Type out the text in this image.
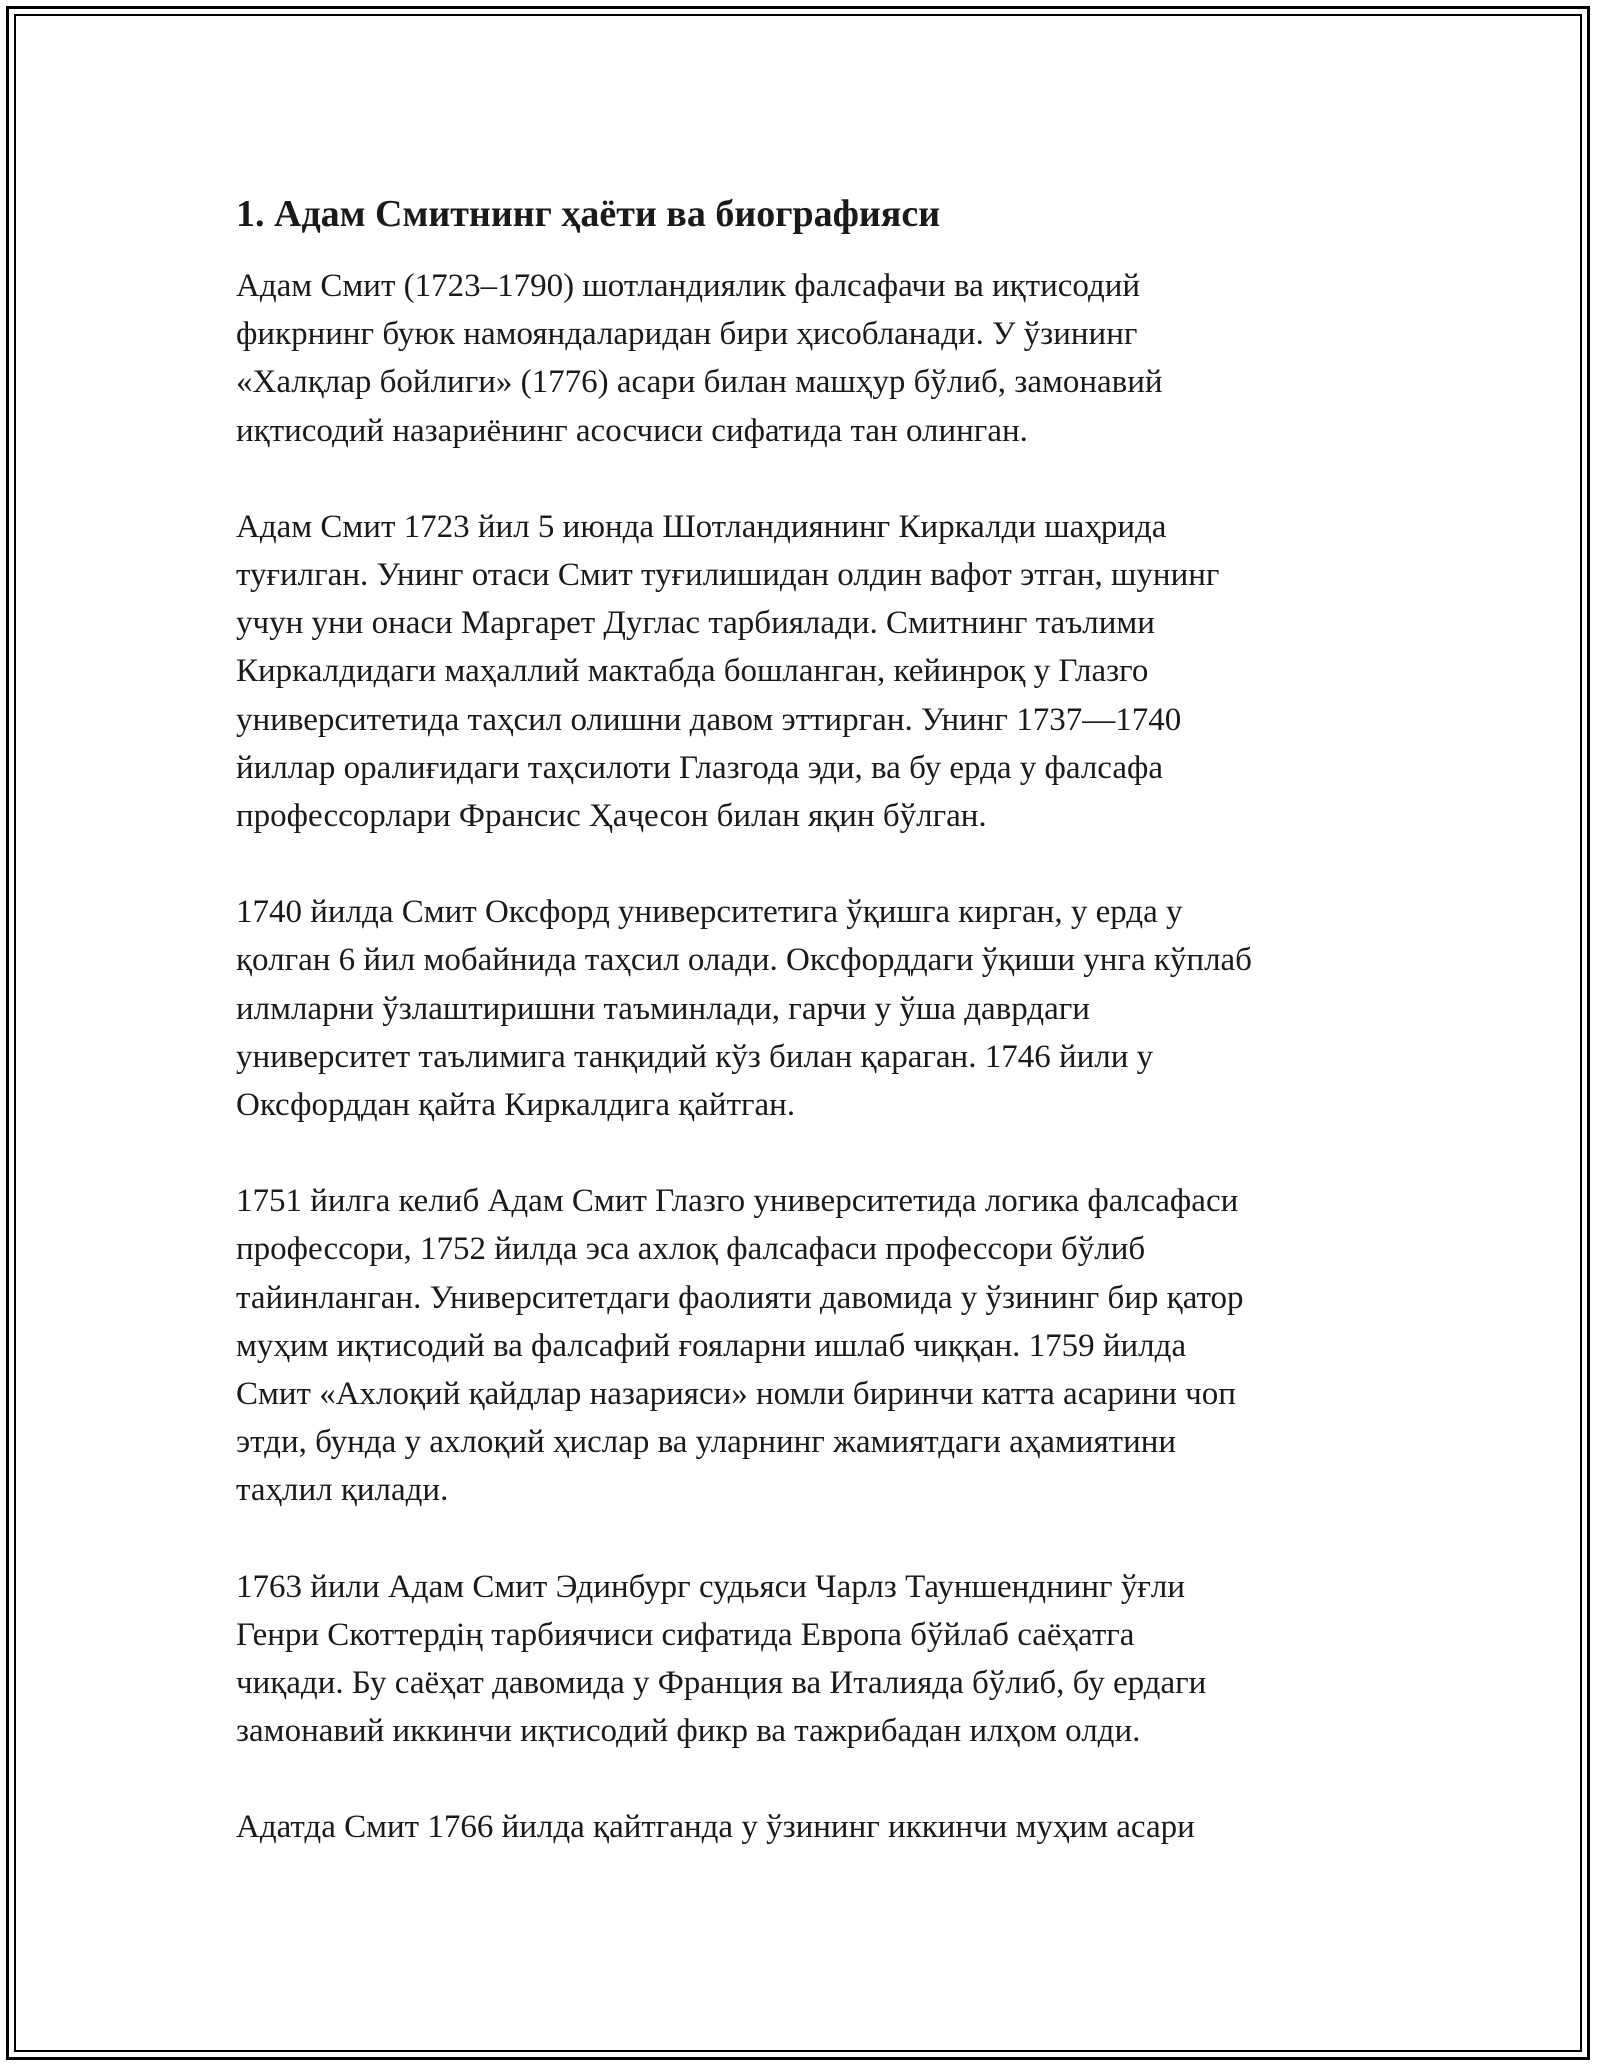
1. Адам Смитнинг ҳаёти ва биографияси

Адам Смит (1723–1790) шотландиялик фалсафачи ва иқтисодий
фикрнинг буюк намояндаларидан бири ҳисобланади. У ўзининг
«Халқлар бойлиги» (1776) асари билан машҳур бўлиб, замонавий
иқтисодий назариёнинг асосчиси сифатида тан олинган.

Адам Смит 1723 йил 5 июнда Шотландиянинг Киркалди шаҳрида
туғилган. Унинг отаси Смит туғилишидан олдин вафот этган, шунинг
учун уни онаси Маргарет Дуглас тарбиялади. Смитнинг таълими
Киркалдидаги маҳаллий мактабда бошланган, кейинроқ у Глазго
университетида таҳсил олишни давом эттирган. Унинг 1737—1740
йиллар оралиғидаги таҳсилоти Глазгода эди, ва бу ерда у фалсафа
профессорлари Франсис Ҳаҷесон билан яқин бўлган.

1740 йилда Смит Оксфорд университетига ўқишга кирган, у ерда у
қолган 6 йил мобайнида таҳсил олади. Оксфорддаги ўқиши унга кўплаб
илмларни ўзлаштиришни таъминлади, гарчи у ўша даврдаги
университет таълимига танқидий кўз билан қараган. 1746 йили у
Оксфорддан қайта Киркалдига қайтган.

1751 йилга келиб Адам Смит Глазго университетида логика фалсафаси
профессори, 1752 йилда эса ахлоқ фалсафаси профессори бўлиб
тайинланган. Университетдаги фаолияти давомида у ўзининг бир қатор
муҳим иқтисодий ва фалсафий ғояларни ишлаб чиққан. 1759 йилда
Смит «Ахлоқий қайдлар назарияси» номли биринчи катта асарини чоп
этди, бунда у ахлоқий ҳислар ва уларнинг жамиятдаги аҳамиятини
таҳлил қилади.

1763 йили Адам Смит Эдинбург судьяси Чарлз Тауншенднинг ўғли
Генри Скоттердің тарбиячиси сифатида Европа бўйлаб саёҳатга
чиқади. Бу саёҳат давомида у Франция ва Италияда бўлиб, бу ердаги
замонавий иккинчи иқтисодий фикр ва тажрибадан илҳом олди.

Адатда Смит 1766 йилда қайтганда у ўзининг иккинчи муҳим асари
